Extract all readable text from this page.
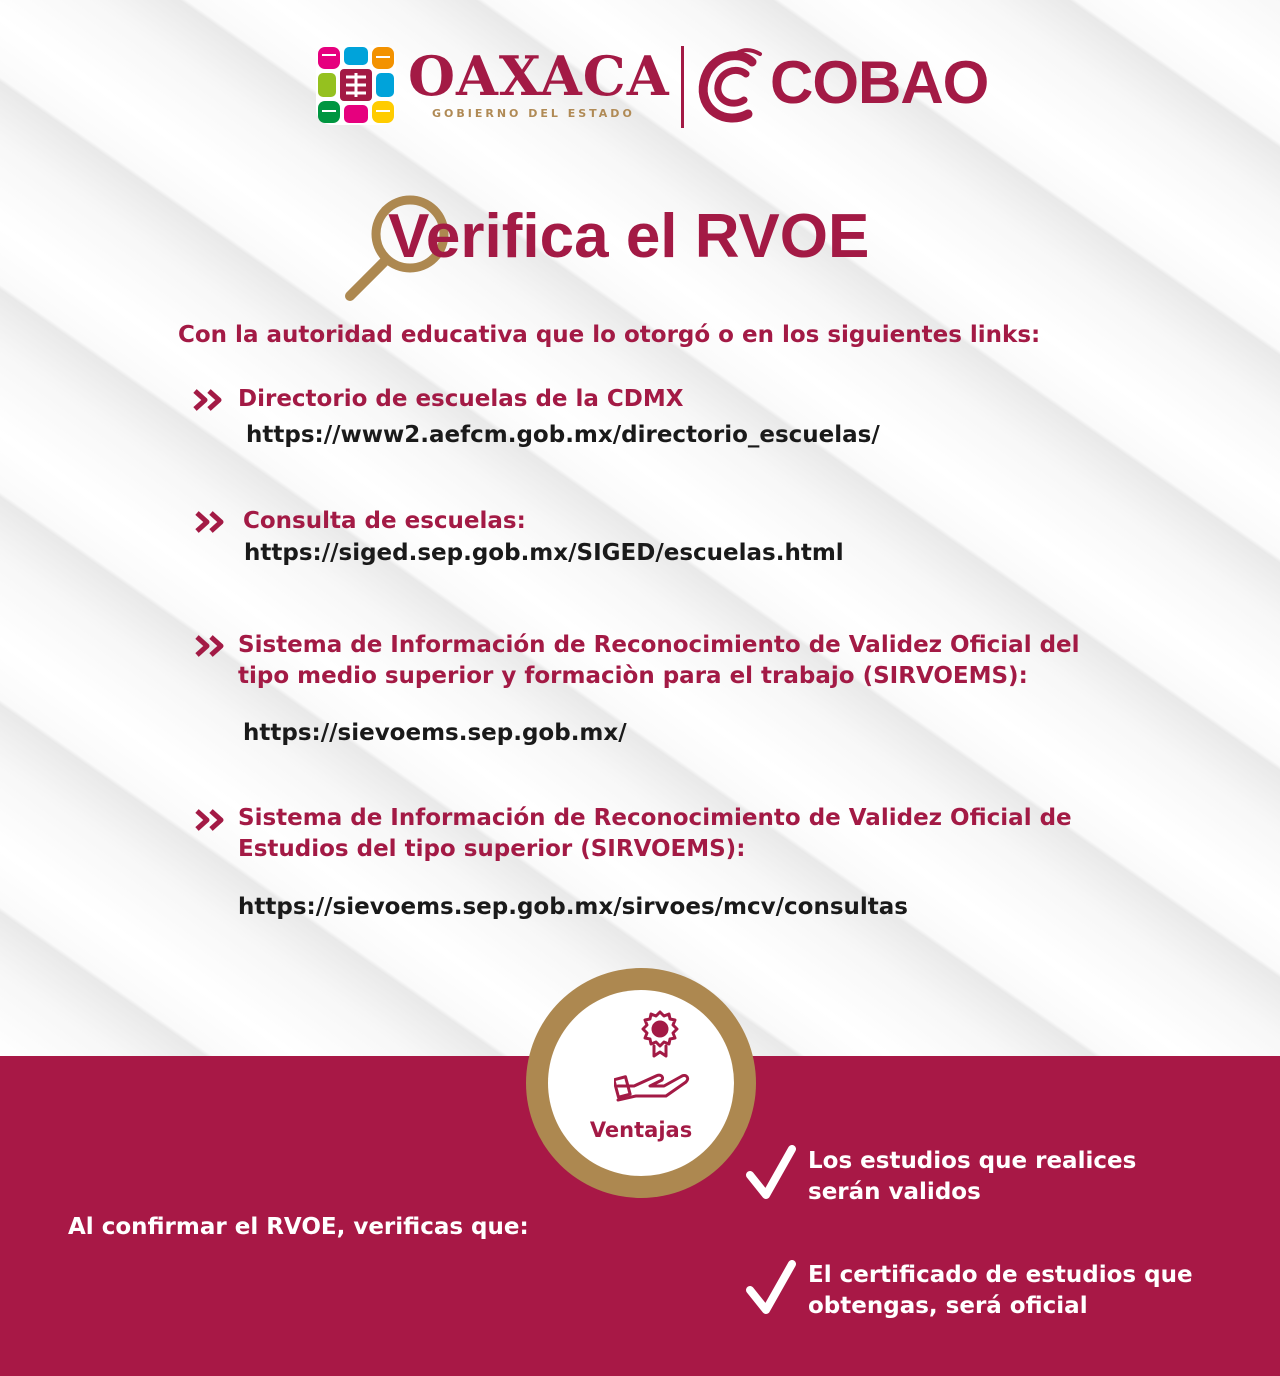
OAXACA
GOBIERNO DEL ESTADO COBAO
Verifica el RVOE
Con la autoridad educativa que lo otorgó o en los siguientes links:
Directorio de escuelas de la CDMX
https://www2.aefcm.gob.mx/directorio_escuelas/
Consulta de escuelas:
https://siged.sep.gob.mx/SIGED/escuelas.html
Sistema de Información de Reconocimiento de Validez Oficial del
tipo medio superior y formaciòn para el trabajo (SIRVOEMS):
https://sievoems.sep.gob.mx/
Sistema de Información de Reconocimiento de Validez Oficial de
Estudios del tipo superior (SIRVOEMS):
https://sievoems.sep.gob.mx/sirvoes/mcv/consultas
Ventajas
Al confirmar el RVOE, verificas que:
Los estudios que realices
serán validos
El certificado de estudios que
obtengas, será oficial
